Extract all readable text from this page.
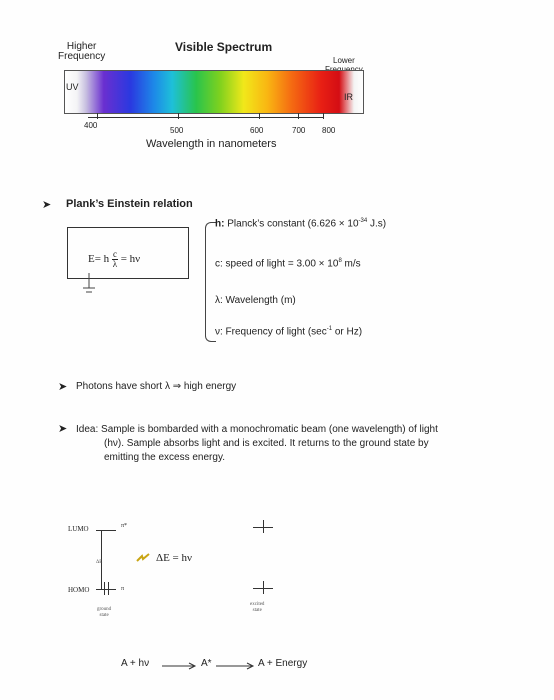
Higher
Frequency
Visible Spectrum
Lower
UV
IR
400
500	600	700 800
Wavelength in nanometers
➤ Plank’s Einstein relation
E= h $\frac{c}{\lambda} = h\nu$
h: Planck’s constant ($6.626 \times 10^{-34}$ J.s)
c: speed of light = $3.00 \times 10^8$ m/s
λ: Wavelength (m)
ν: Frequency of light ($\sec^{-1}$ or Hz)
➤ Photons have short λ ⇒ high energy
➤ Idea: Sample is bombarded with a monochromatic beam (one wavelength) of light
(hν). Sample absorbs light and is excited. It returns to the ground state by
emitting the excess energy.
LUMO	π*
ΔE
HOMO	π
ground
state
ΔE = hν
excited
state
A + hν → A* → A + Energy
